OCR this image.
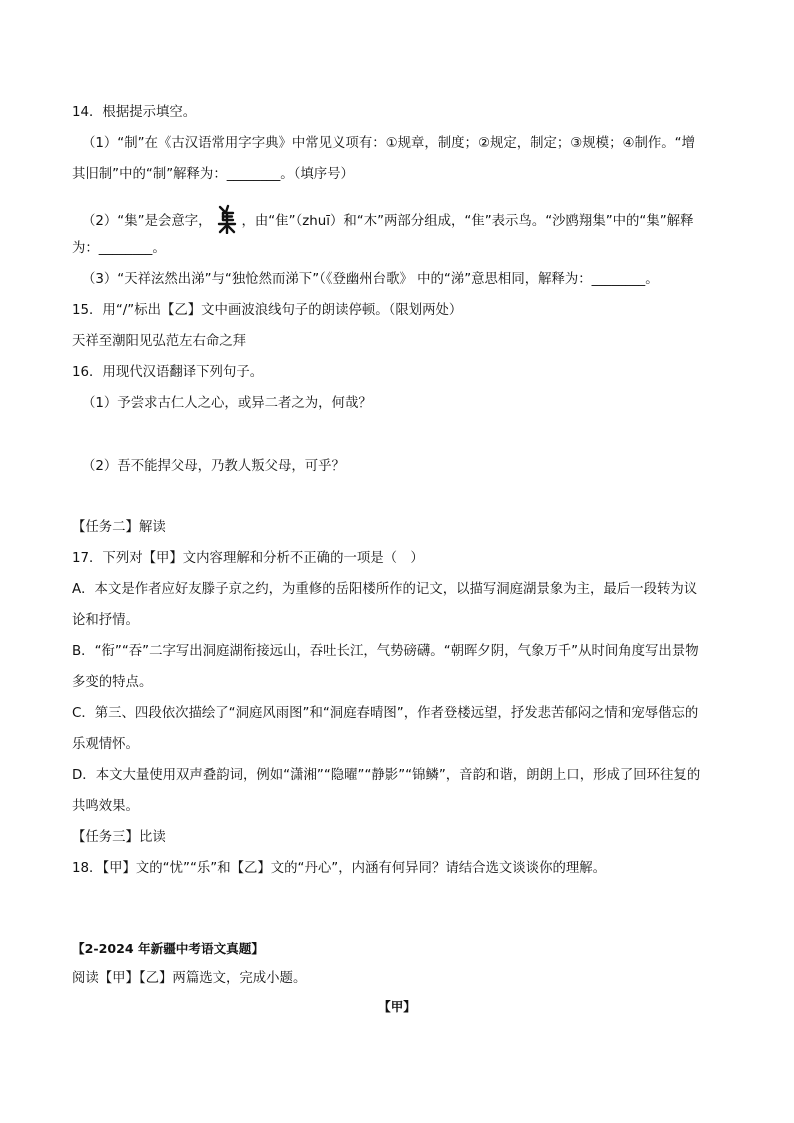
14．根据提示填空。
（1）“制”在《古汉语常用字字典》中常见义项有：①规章，制度；②规定，制定；③规模；④制作。“增
其旧制”中的“制”解释为：________。（填序号）
（2）“集”是会意字， ，由“隹”（zhuī）和“木”两部分组成，“隹”表示鸟。“沙鸥翔集”中的“集”解释
为：________。
（3）“天祥泫然出涕”与“独怆然而涕下”（《登幽州台歌》 中的“涕”意思相同，解释为：________。
15．用“/”标出【乙】文中画波浪线句子的朗读停顿。（限划两处）
天祥至潮阳见弘范左右命之拜
16．用现代汉语翻译下列句子。
（1）予尝求古仁人之心，或异二者之为，何哉？
（2）吾不能捍父母，乃教人叛父母，可乎？
【任务二】解读
17．下列对【甲】文内容理解和分析不正确的一项是（　）
A．本文是作者应好友滕子京之约，为重修的岳阳楼所作的记文，以描写洞庭湖景象为主，最后一段转为议
论和抒情。
B．“衔”“吞”二字写出洞庭湖衔接远山，吞吐长江，气势磅礴。“朝晖夕阴，气象万千”从时间角度写出景物
多变的特点。
C．第三、四段依次描绘了“洞庭风雨图”和“洞庭春晴图”，作者登楼远望，抒发悲苦郁闷之情和宠辱偕忘的
乐观情怀。
D．本文大量使用双声叠韵词，例如“潇湘”“隐曜”“静影”“锦鳞”，音韵和谐，朗朗上口，形成了回环往复的
共鸣效果。
【任务三】比读
18．【甲】文的“忧”“乐”和【乙】文的“丹心”，内涵有何异同？请结合选文谈谈你的理解。
【2-2024 年新疆中考语文真题】
阅读【甲】【乙】两篇选文，完成小题。
【甲】
